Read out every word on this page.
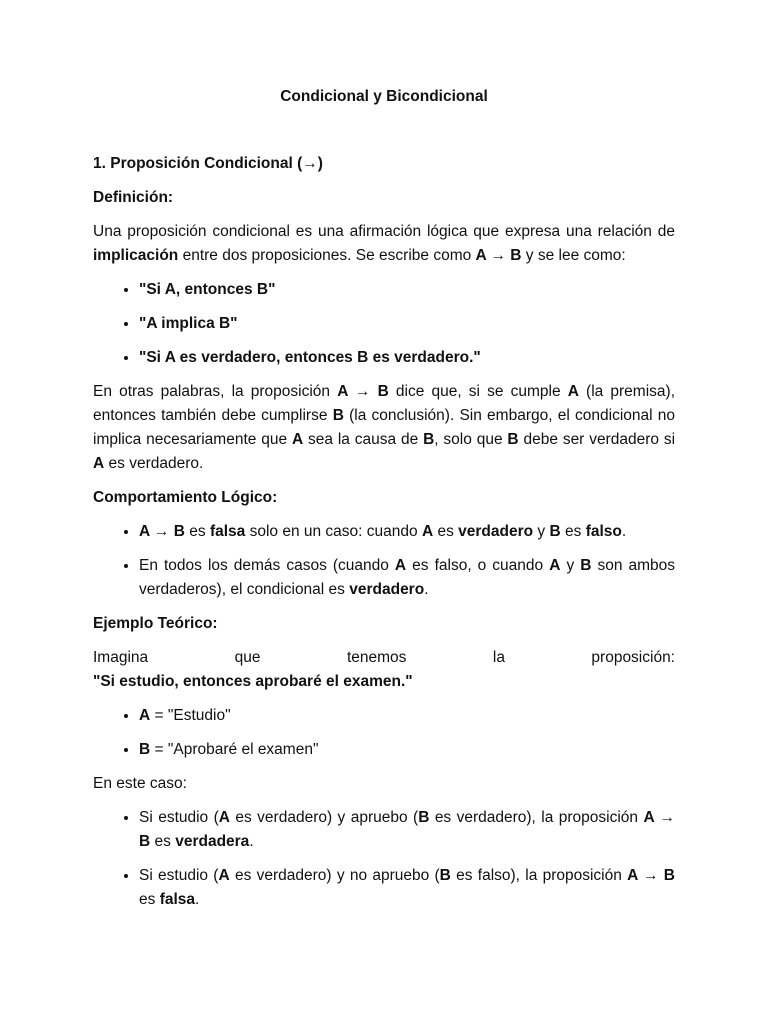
Condicional y Bicondicional
1. Proposición Condicional (→)
Definición:

Una proposición condicional es una afirmación lógica que expresa una relación de implicación entre dos proposiciones. Se escribe como A → B y se lee como:

• "Si A, entonces B"
• "A implica B"
• "Si A es verdadero, entonces B es verdadero."

En otras palabras, la proposición A → B dice que, si se cumple A (la premisa), entonces también debe cumplirse B (la conclusión). Sin embargo, el condicional no implica necesariamente que A sea la causa de B, solo que B debe ser verdadero si A es verdadero.

Comportamiento Lógico:
• A → B es falsa solo en un caso: cuando A es verdadero y B es falso.
• En todos los demás casos (cuando A es falso, o cuando A y B son ambos verdaderos), el condicional es verdadero.
Ejemplo Teórico:

Imagina que tenemos la proposición:

"Si estudio, entonces aprobaré el examen."
• A = "Estudio"
• B = "Aprobaré el examen"

En este caso:

• Si estudio (A es verdadero) y apruebo (B es verdadero), la proposición A → B es verdadera.
• Si estudio (A es verdadero) y no apruebo (B es falso), la proposición A → B es falsa.
